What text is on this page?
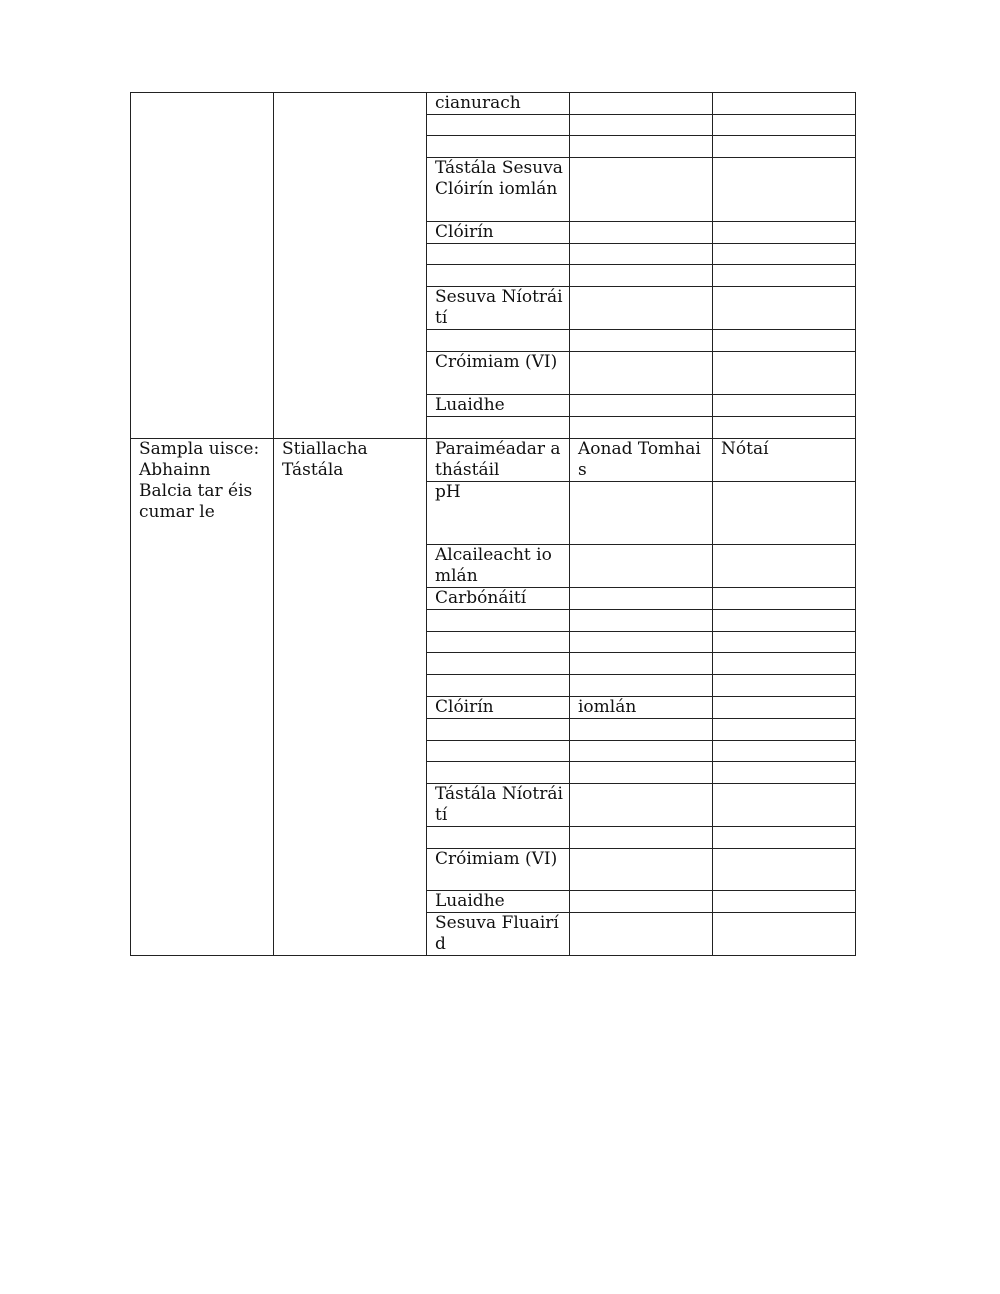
		cianurach		

		Tástála SesuvaClóirín iomlán		
		Clóirín		

		Sesuva Níotráití		

		Cróimiam (VI)		
		Luaidhe		

Sampla uisce: Abhainn Balcia tar éis cumar le	Stiallacha Tástála	Paraiméadar a thástáil	Aonad Tomhais	Nótaí
		pH		
		Alcaileacht iomlán		
		Carbónáití		

		Clóirín	iomlán	

		Tástála Níotráití		

		Cróimiam (VI)		
		Luaidhe		
		Sesuva Fluairíd		
